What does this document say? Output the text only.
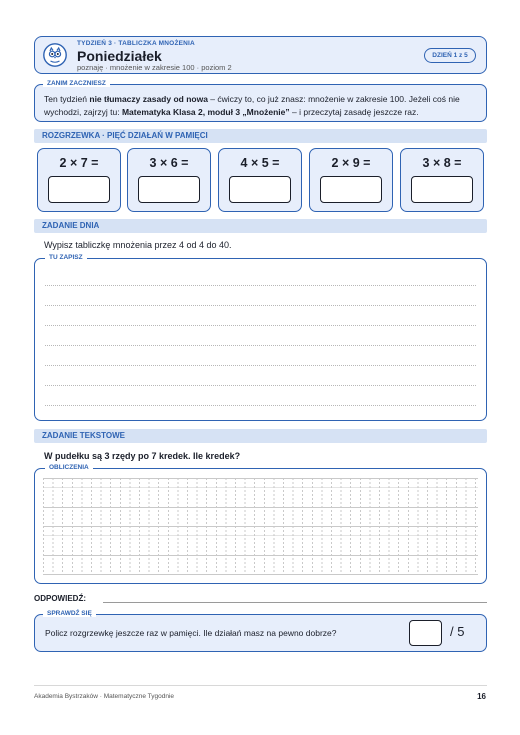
TYDZIEŃ 3 · TABLICZKA MNOŻENIA
Poniedziałek
poznaję · mnożenie w zakresie 100 · poziom 2
DZIEŃ 1 z 5
ZANIM ZACZNIESZ
Ten tydzień nie tłumaczy zasady od nowa – ćwiczy to, co już znasz: mnożenie w zakresie 100. Jeżeli coś nie wychodzi, zajrzyj tu: Matematyka Klasa 2, moduł 3 „Mnożenie” – i przeczytaj zasadę jeszcze raz.
ROZGRZEWKA · PIĘĆ DZIAŁAŃ W PAMIĘCI
2 × 7 =	3 × 6 =	4 × 5 =	2 × 9 =	3 × 8 =
ZADANIE DNIA
Wypisz tabliczkę mnożenia przez 4 od 4 do 40.
TU ZAPISZ
ZADANIE TEKSTOWE
W pudełku są 3 rzędy po 7 kredek. Ile kredek?
OBLICZENIA
ODPOWIEDŹ:
SPRAWDŹ SIĘ
Policz rozgrzewkę jeszcze raz w pamięci. Ile działań masz na pewno dobrze?	/ 5
Akademia Bystrzaków · Matematyczne Tygodnie	16
